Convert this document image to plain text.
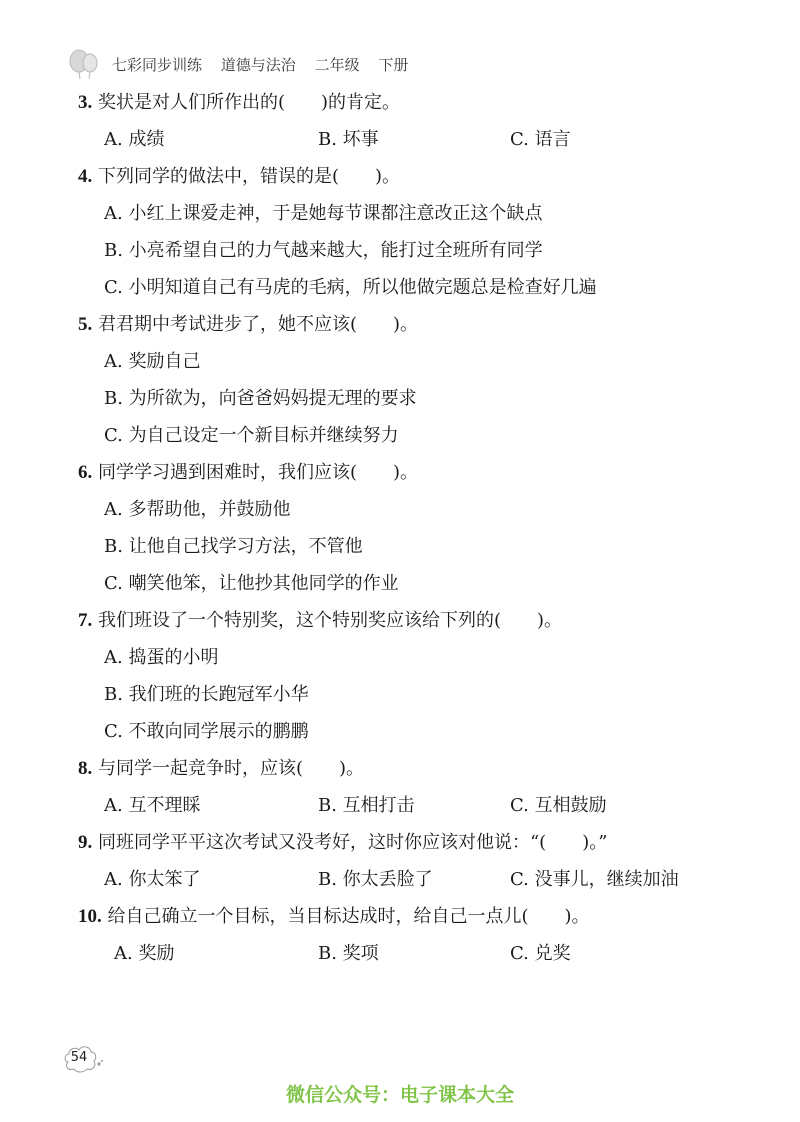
七彩同步训练 道德与法治 二年级 下册
3. 奖状是对人们所作出的(　　)的肯定。
A. 成绩	B. 坏事	C. 语言
4. 下列同学的做法中，错误的是(　　)。
A. 小红上课爱走神，于是她每节课都注意改正这个缺点
B. 小亮希望自己的力气越来越大，能打过全班所有同学
C. 小明知道自己有马虎的毛病，所以他做完题总是检查好几遍
5. 君君期中考试进步了，她不应该(　　)。
A. 奖励自己
B. 为所欲为，向爸爸妈妈提无理的要求
C. 为自己设定一个新目标并继续努力
6. 同学学习遇到困难时，我们应该(　　)。
A. 多帮助他，并鼓励他
B. 让他自己找学习方法，不管他
C. 嘲笑他笨，让他抄其他同学的作业
7. 我们班设了一个特别奖，这个特别奖应该给下列的(　　)。
A. 捣蛋的小明
B. 我们班的长跑冠军小华
C. 不敢向同学展示的鹏鹏
8. 与同学一起竞争时，应该(　　)。
A. 互不理睬	B. 互相打击	C. 互相鼓励
9. 同班同学平平这次考试又没考好，这时你应该对他说：“(　　)。”
A. 你太笨了	B. 你太丢脸了	C. 没事儿，继续加油
10. 给自己确立一个目标，当目标达成时，给自己一点儿(　　)。
A. 奖励	B. 奖项	C. 兑奖
54
微信公众号：电子课本大全
